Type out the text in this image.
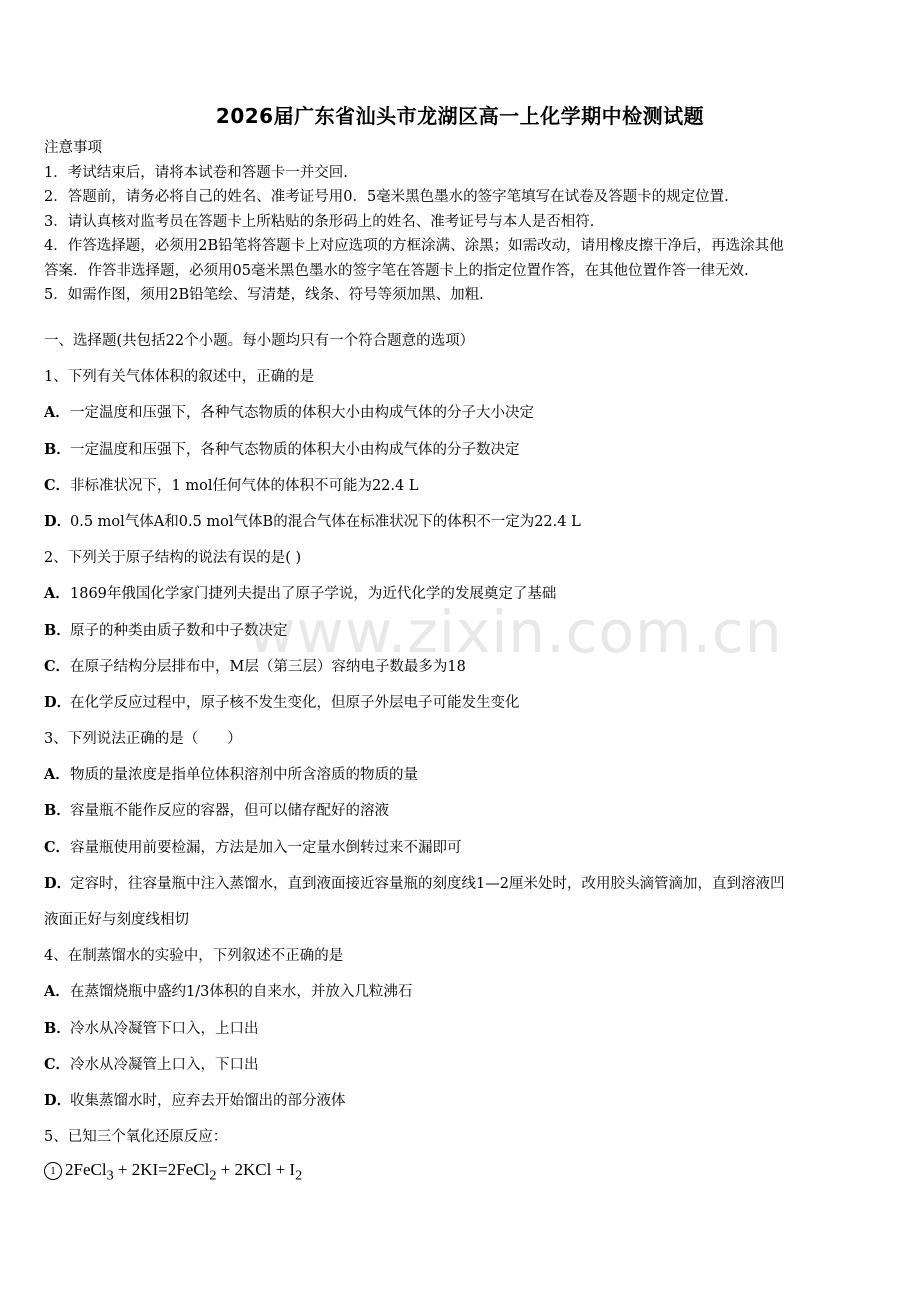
2026届广东省汕头市龙湖区高一上化学期中检测试题
注意事项
1．考试结束后，请将本试卷和答题卡一并交回.
2．答题前，请务必将自己的姓名、准考证号用0．5毫米黑色墨水的签字笔填写在试卷及答题卡的规定位置.
3．请认真核对监考员在答题卡上所粘贴的条形码上的姓名、准考证号与本人是否相符.
4．作答选择题，必须用2B铅笔将答题卡上对应选项的方框涂满、涂黑；如需改动，请用橡皮擦干净后，再选涂其他
答案．作答非选择题，必须用05毫米黑色墨水的签字笔在答题卡上的指定位置作答，在其他位置作答一律无效.
5．如需作图，须用2B铅笔绘、写清楚，线条、符号等须加黑、加粗.
一、选择题(共包括22个小题。每小题均只有一个符合题意的选项）
1、下列有关气体体积的叙述中，正确的是
A．一定温度和压强下，各种气态物质的体积大小由构成气体的分子大小决定
B．一定温度和压强下，各种气态物质的体积大小由构成气体的分子数决定
C．非标准状况下，1 mol任何气体的体积不可能为22.4 L
D．0.5 mol气体A和0.5 mol气体B的混合气体在标准状况下的体积不一定为22.4 L
2、下列关于原子结构的说法有误的是( )
A．1869年俄国化学家门捷列夫提出了原子学说，为近代化学的发展奠定了基础
B．原子的种类由质子数和中子数决定
C．在原子结构分层排布中，M层（第三层）容纳电子数最多为18
D．在化学反应过程中，原子核不发生变化，但原子外层电子可能发生变化
3、下列说法正确的是（　　）
A．物质的量浓度是指单位体积溶剂中所含溶质的物质的量
B．容量瓶不能作反应的容器，但可以储存配好的溶液
C．容量瓶使用前要检漏，方法是加入一定量水倒转过来不漏即可
D．定容时，往容量瓶中注入蒸馏水，直到液面接近容量瓶的刻度线1—2厘米处时，改用胶头滴管滴加，直到溶液凹
液面正好与刻度线相切
4、在制蒸馏水的实验中，下列叙述不正确的是
A．在蒸馏烧瓶中盛约1/3体积的自来水，并放入几粒沸石
B．冷水从冷凝管下口入，上口出
C．冷水从冷凝管上口入，下口出
D．收集蒸馏水时，应弃去开始馏出的部分液体
5、已知三个氧化还原反应：
1 2FeCl$_3$ + 2KI=2FeCl$_2$ + $2KCl + I_2$
www.zixin.com.cn
